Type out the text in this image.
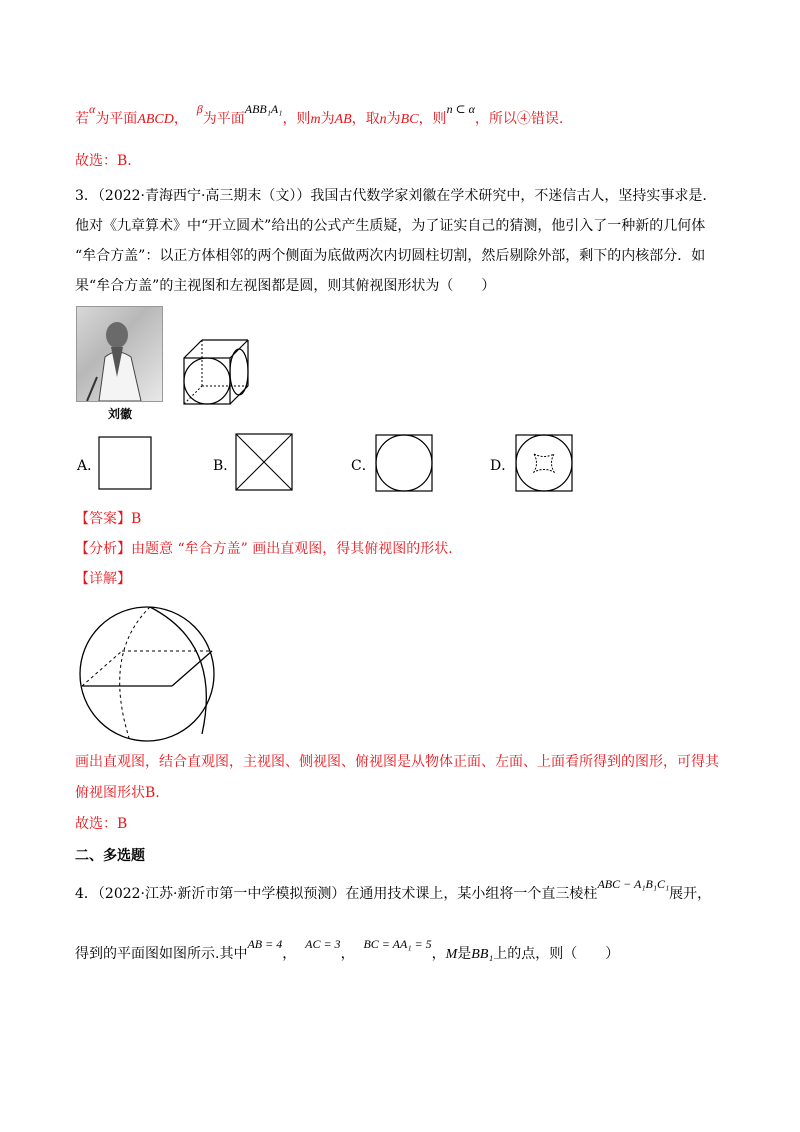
若α为平面ABCD，  β为平面ABB₁A₁，则m为AB，取n为BC，则n ⊂ α，所以④错误.
故选：B.
3．（2022·青海西宁·高三期末（文））我国古代数学家刘徽在学术研究中，不迷信古人，坚持实事求是.
他对《九章算术》中“开立圆术”给出的公式产生质疑，为了证实自己的猜测，他引入了一种新的几何体
“牟合方盖”：以正方体相邻的两个侧面为底做两次内切圆柱切割，然后剔除外部，剩下的内核部分．如
果“牟合方盖”的主视图和左视图都是圆，则其俯视图形状为（　　）
刘徽
A．	B．	C．	D．
【答案】B
【分析】由题意 “牟合方盖” 画出直观图，得其俯视图的形状.
【详解】
画出直观图，结合直观图，主视图、侧视图、俯视图是从物体正面、左面、上面看所得到的图形，可得其
俯视图形状B.
故选：B
二、多选题
4．（2022·江苏·新沂市第一中学模拟预测）在通用技术课上，某小组将一个直三棱柱ABC − A₁B₁C₁展开，
得到的平面图如图所示.其中AB = 4，  AC = 3，  BC = AA₁ = 5，M是BB₁上的点，则（　　）
